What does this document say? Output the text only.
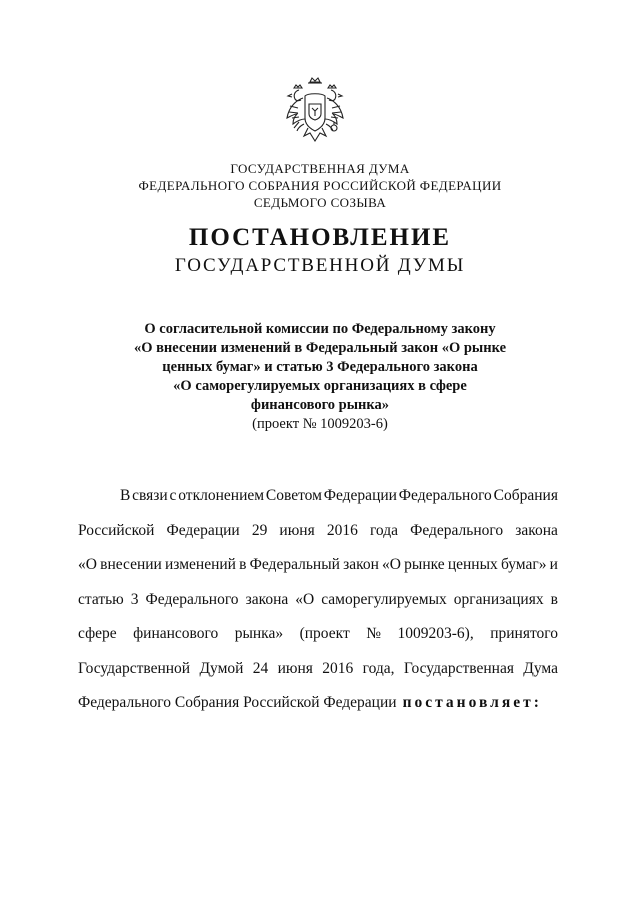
ГОСУДАРСТВЕННАЯ ДУМА
ФЕДЕРАЛЬНОГО СОБРАНИЯ РОССИЙСКОЙ ФЕДЕРАЦИИ
СЕДЬМОГО СОЗЫВА
ПОСТАНОВЛЕНИЕ
ГОСУДАРСТВЕННОЙ ДУМЫ
О согласительной комиссии по Федеральному закону
«О внесении изменений в Федеральный закон «О рынке
ценных бумаг» и статью 3 Федерального закона
«О саморегулируемых организациях в сфере
финансового рынка»
(проект № 1009203-6)
В связи с отклонением Советом Федерации Федерального Собрания
Российской Федерации 29 июня 2016 года Федерального закона
«О внесении изменений в Федеральный закон «О рынке ценных бумаг» и
статью 3 Федерального закона «О саморегулируемых организациях в
сфере финансового рынка» (проект № 1009203-6), принятого
Государственной Думой 24 июня 2016 года, Государственная Дума
Федерального Собрания Российской Федерации постановляет:
